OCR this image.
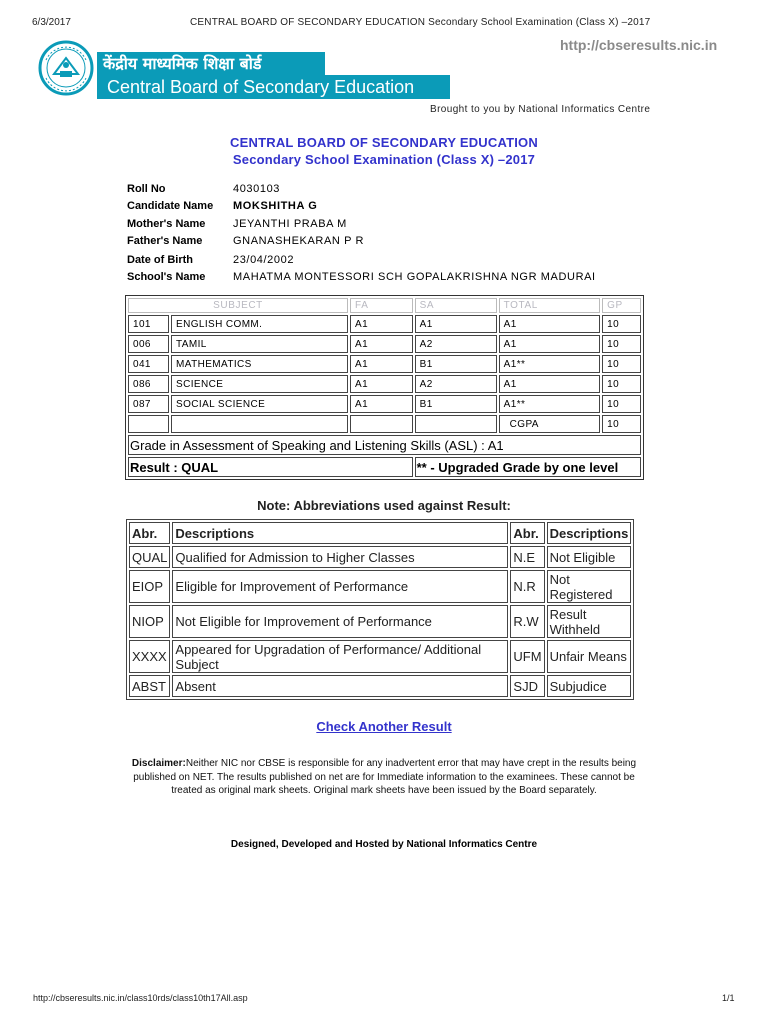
6/3/2017	CENTRAL BOARD OF SECONDARY EDUCATION Secondary School Examination (Class X) –2017
http://cbseresults.nic.in
केंद्रीय माध्यमिक शिक्षा बोर्ड
Central Board of Secondary Education
Brought to you by National Informatics Centre
CENTRAL BOARD OF SECONDARY EDUCATION
Secondary School Examination (Class X) –2017
Roll No	4030103
Candidate Name	MOKSHITHA G
Mother's Name	JEYANTHI PRABA M
Father's Name	GNANASHEKARAN P R
Date of Birth	23/04/2002
School's Name	MAHATMA MONTESSORI SCH GOPALAKRISHNA NGR MADURAI
SUBJECT		FA	SA	TOTAL	GP
101	ENGLISH COMM.	A1	A1	A1	10
006	TAMIL	A1	A2	A1	10
041	MATHEMATICS	A1	B1	A1**	10
086	SCIENCE	A1	A2	A1	10
087	SOCIAL SCIENCE	A1	B1	A1**	10
				CGPA	10
Grade in Assessment of Speaking and Listening Skills (ASL) : A1					
Result : QUAL			** - Upgraded Grade by one level		
Note: Abbreviations used against Result:
Abr.	Descriptions	Abr.	Descriptions
QUAL	Qualified for Admission to Higher Classes	N.E	Not Eligible
EIOP	Eligible for Improvement of Performance	N.R	Not Registered
NIOP	Not Eligible for Improvement of Performance	R.W	Result Withheld
XXXX	Appeared for Upgradation of Performance/ Additional Subject	UFM	Unfair Means
ABST	Absent	SJD	Subjudice
Check Another Result
Disclaimer:Neither NIC nor CBSE is responsible for any inadvertent error that may have crept in the results being published on NET. The results published on net are for Immediate information to the examinees. These cannot be treated as original mark sheets. Original mark sheets have been issued by the Board separately.
Designed, Developed and Hosted by National Informatics Centre
http://cbseresults.nic.in/class10rds/class10th17All.asp	1/1
